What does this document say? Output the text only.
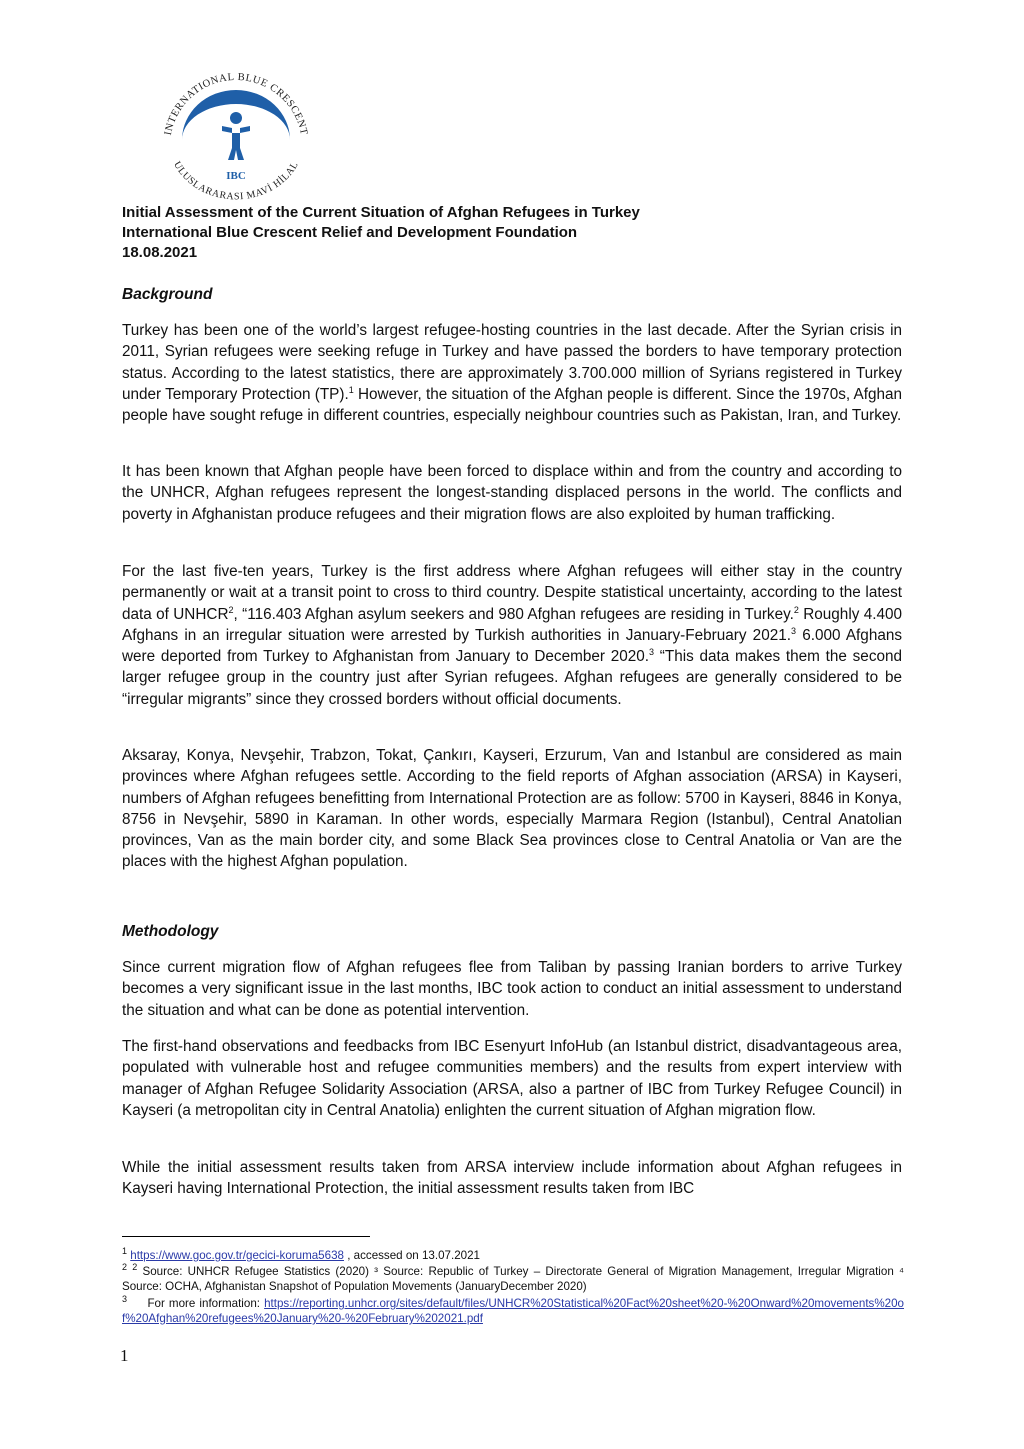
INTERNATIONAL BLUE CRESCENT
ULUSLARARASI MAVİ HİLAL
IBC
Initial Assessment of the Current Situation of Afghan Refugees in Turkey
International Blue Crescent Relief and Development Foundation
18.08.2021
Background

Turkey has been one of the world’s largest refugee-hosting countries in the last decade. After the Syrian crisis in 2011, Syrian refugees were seeking refuge in Turkey and have passed the borders to have temporary protection status. According to the latest statistics, there are approximately 3.700.000 million of Syrians registered in Turkey under Temporary Protection (TP).$^1$ However, the situation of the Afghan people is different. Since the 1970s, Afghan people have sought refuge in different countries, especially neighbour countries such as Pakistan, Iran, and Turkey.

It has been known that Afghan people have been forced to displace within and from the country and according to the UNHCR, Afghan refugees represent the longest-standing displaced persons in the world. The conflicts and poverty in Afghanistan produce refugees and their migration flows are also exploited by human trafficking.

For the last five-ten years, Turkey is the first address where Afghan refugees will either stay in the country permanently or wait at a transit point to cross to third country. Despite statistical uncertainty, according to the latest data of UNHCR$^2$, “116.403 Afghan asylum seekers and 980 Afghan refugees are residing in Turkey.$^2$ Roughly 4.400 Afghans in an irregular situation were arrested by Turkish authorities in January-February 2021.$^3$ 6.000 Afghans were deported from Turkey to Afghanistan from January to December 2020.$^3$ “This data makes them the second larger refugee group in the country just after Syrian refugees. Afghan refugees are generally considered to be “irregular migrants” since they crossed borders without official documents.

Aksaray, Konya, Nevşehir, Trabzon, Tokat, Çankırı, Kayseri, Erzurum, Van and Istanbul are considered as main provinces where Afghan refugees settle. According to the field reports of Afghan association (ARSA) in Kayseri, numbers of Afghan refugees benefitting from International Protection are as follow: 5700 in Kayseri, 8846 in Konya, 8756 in Nevşehir, 5890 in Karaman. In other words, especially Marmara Region (Istanbul), Central Anatolian provinces, Van as the main border city, and some Black Sea provinces close to Central Anatolia or Van are the places with the highest Afghan population.

Methodology

Since current migration flow of Afghan refugees flee from Taliban by passing Iranian borders to arrive Turkey becomes a very significant issue in the last months, IBC took action to conduct an initial assessment to understand the situation and what can be done as potential intervention.

The first-hand observations and feedbacks from IBC Esenyurt InfoHub (an Istanbul district, disadvantageous area, populated with vulnerable host and refugee communities members) and the results from expert interview with manager of Afghan Refugee Solidarity Association (ARSA, also a partner of IBC from Turkey Refugee Council) in Kayseri (a metropolitan city in Central Anatolia) enlighten the current situation of Afghan migration flow.

While the initial assessment results taken from ARSA interview include information about Afghan refugees in Kayseri having International Protection, the initial assessment results taken from IBC

$^1$ https://www.goc.gov.tr/gecici-koruma5638 , accessed on 13.07.2021

$^2$ $^2$ Source: UNHCR Refugee Statistics (2020) ³ Source: Republic of Turkey – Directorate General of Migration Management, Irregular Migration ⁴ Source: OCHA, Afghanistan Snapshot of Population Movements (JanuaryDecember 2020)

$^3$ For more information: https://reporting.unhcr.org/sites/default/files/UNHCR%20Statistical%20Fact%20sheet%20-%20Onward%20movements%20of%20Afghan%20refugees%20January%20-%20February%202021.pdf

1
